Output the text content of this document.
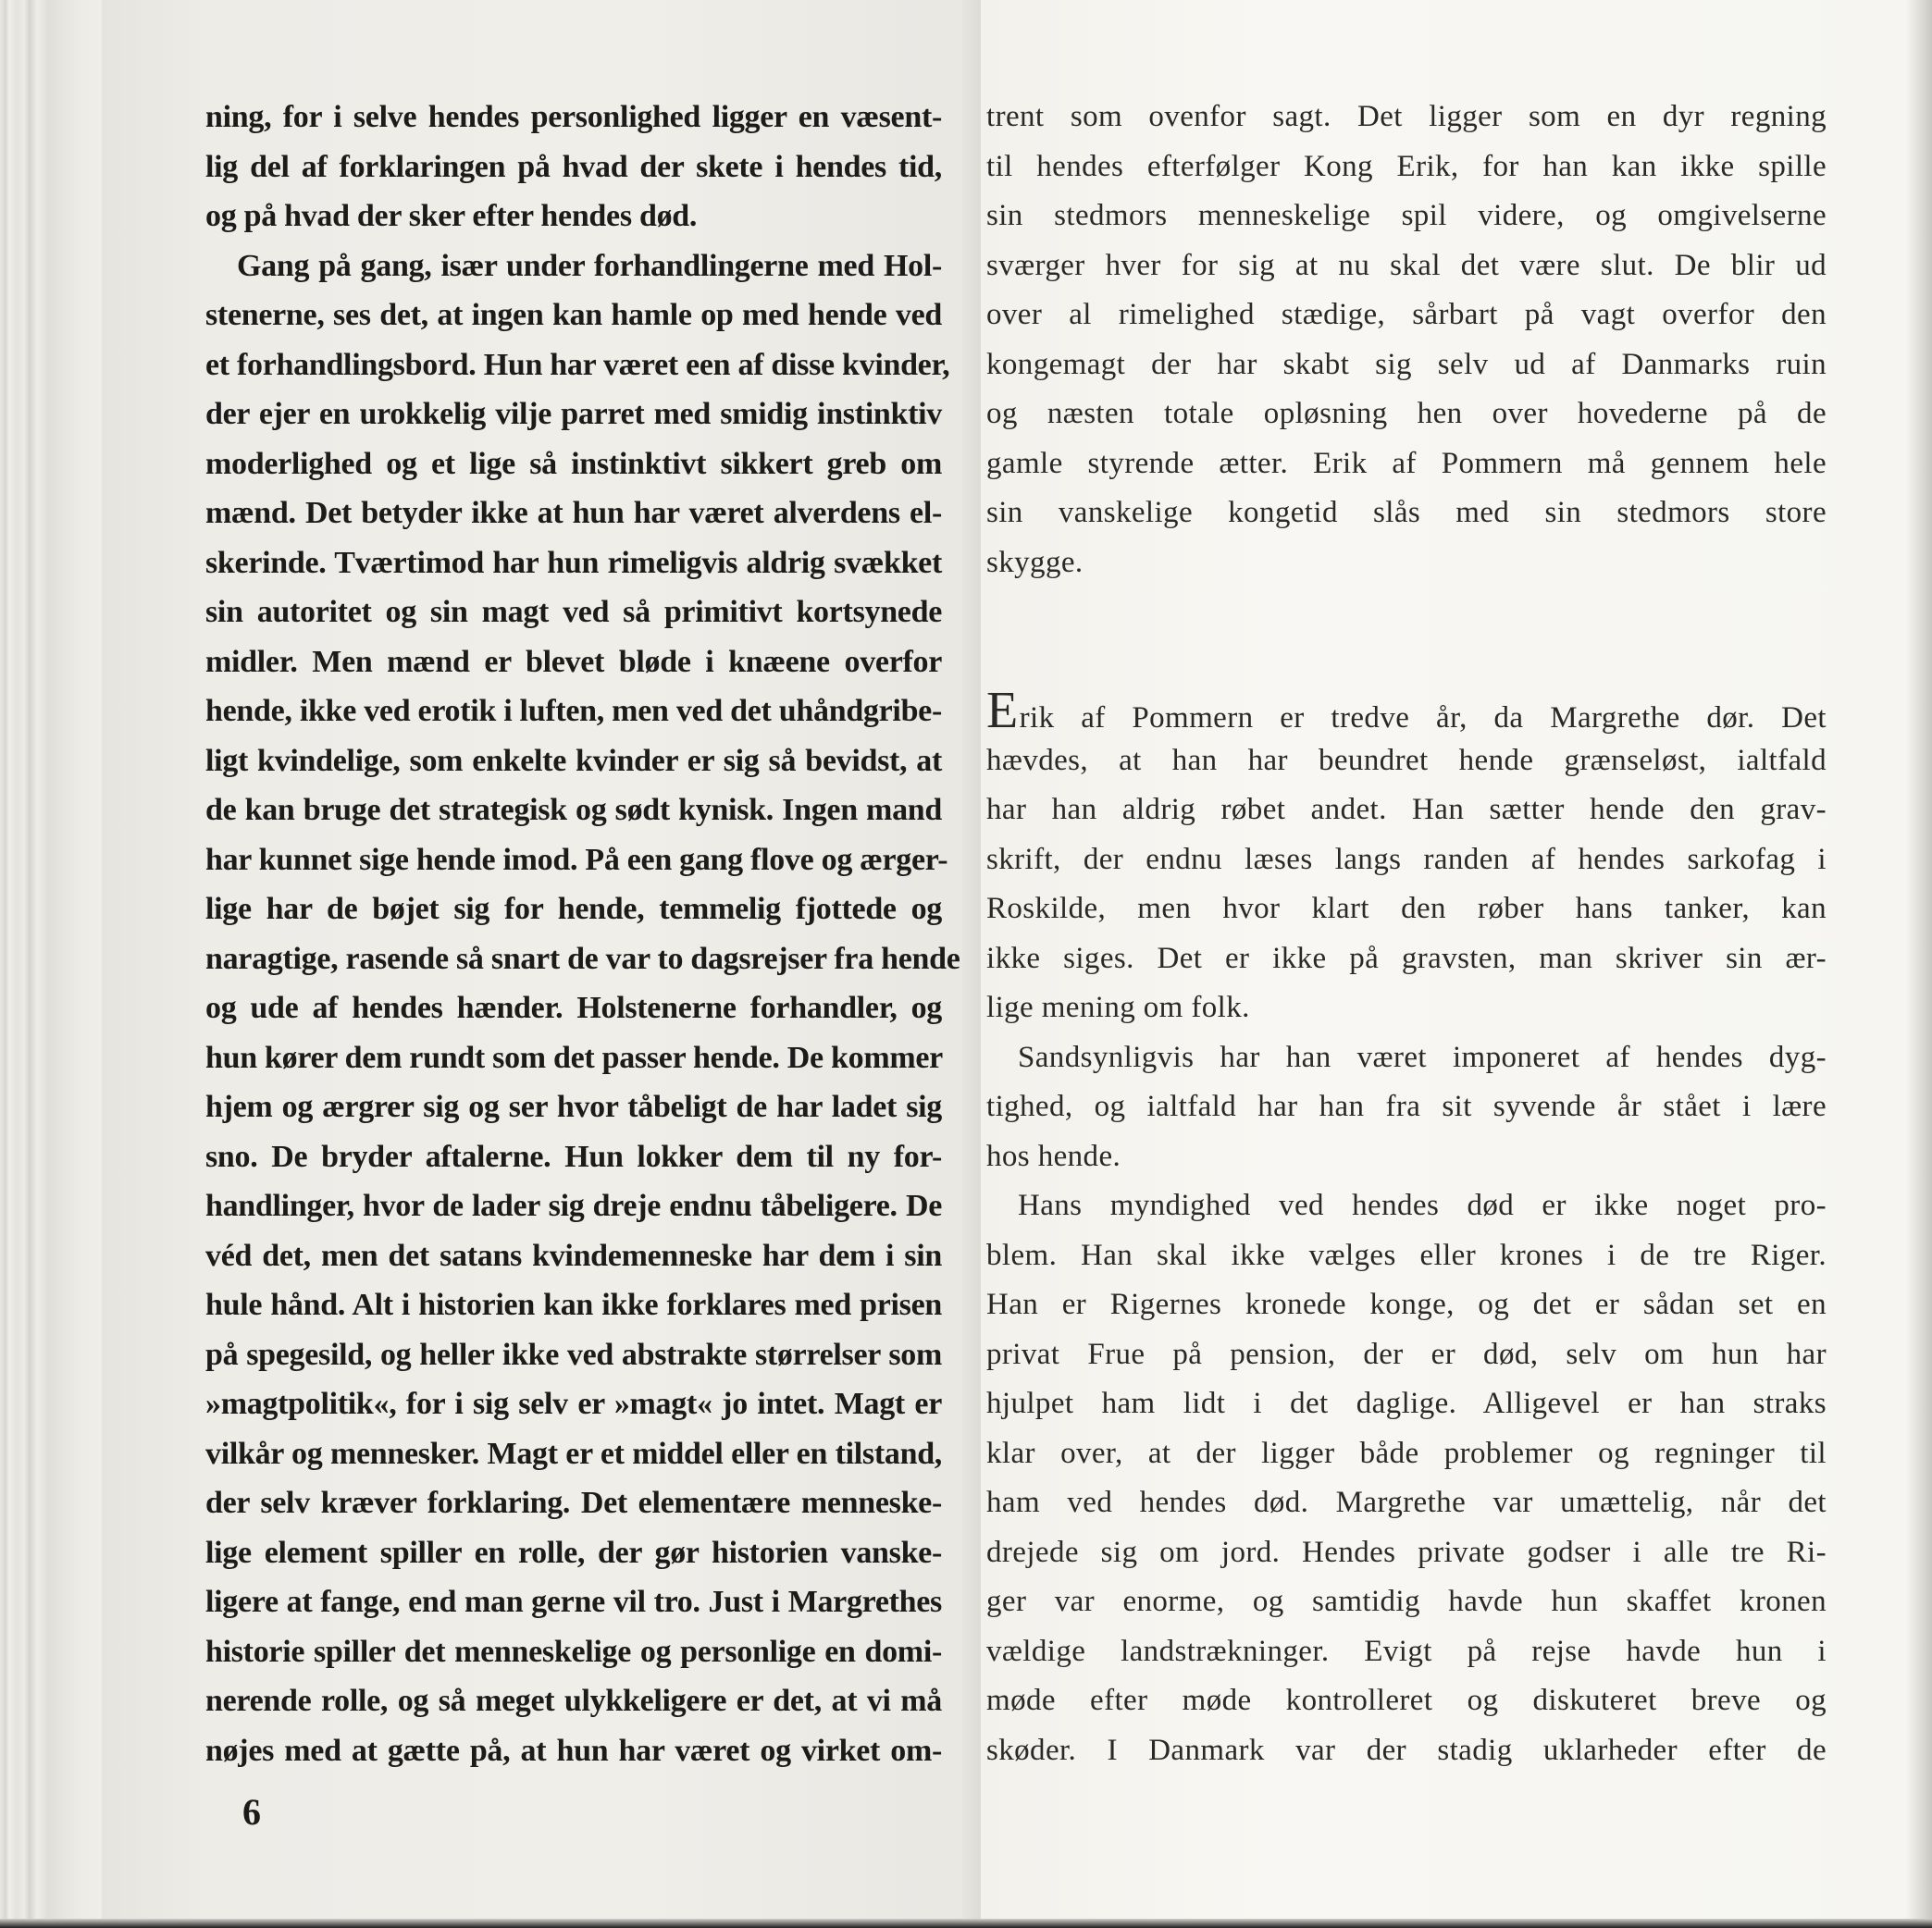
ning, for i selve hendes personlighed ligger en væsent-
lig del af forklaringen på hvad der skete i hendes tid,
og på hvad der sker efter hendes død.
Gang på gang, især under forhandlingerne med Hol-
stenerne, ses det, at ingen kan hamle op med hende ved
et forhandlingsbord. Hun har været een af disse kvinder,
der ejer en urokkelig vilje parret med smidig instinktiv
moderlighed og et lige så instinktivt sikkert greb om
mænd. Det betyder ikke at hun har været alverdens el-
skerinde. Tværtimod har hun rimeligvis aldrig svækket
sin autoritet og sin magt ved så primitivt kortsynede
midler. Men mænd er blevet bløde i knæene overfor
hende, ikke ved erotik i luften, men ved det uhåndgribe-
ligt kvindelige, som enkelte kvinder er sig så bevidst, at
de kan bruge det strategisk og sødt kynisk. Ingen mand
har kunnet sige hende imod. På een gang flove og ærger-
lige har de bøjet sig for hende, temmelig fjottede og
naragtige, rasende så snart de var to dagsrejser fra hende
og ude af hendes hænder. Holstenerne forhandler, og
hun kører dem rundt som det passer hende. De kommer
hjem og ærgrer sig og ser hvor tåbeligt de har ladet sig
sno. De bryder aftalerne. Hun lokker dem til ny for-
handlinger, hvor de lader sig dreje endnu tåbeligere. De
véd det, men det satans kvindemenneske har dem i sin
hule hånd. Alt i historien kan ikke forklares med prisen
på spegesild, og heller ikke ved abstrakte størrelser som
»magtpolitik«, for i sig selv er »magt« jo intet. Magt er
vilkår og mennesker. Magt er et middel eller en tilstand,
der selv kræver forklaring. Det elementære menneske-
lige element spiller en rolle, der gør historien vanske-
ligere at fange, end man gerne vil tro. Just i Margrethes
historie spiller det menneskelige og personlige en domi-
nerende rolle, og så meget ulykkeligere er det, at vi må
nøjes med at gætte på, at hun har været og virket om-
6
trent som ovenfor sagt. Det ligger som en dyr regning
til hendes efterfølger Kong Erik, for han kan ikke spille
sin stedmors menneskelige spil videre, og omgivelserne
sværger hver for sig at nu skal det være slut. De blir ud
over al rimelighed stædige, sårbart på vagt overfor den
kongemagt der har skabt sig selv ud af Danmarks ruin
og næsten totale opløsning hen over hovederne på de
gamle styrende ætter. Erik af Pommern må gennem hele
sin vanskelige kongetid slås med sin stedmors store
skygge.
Erik af Pommern er tredve år, da Margrethe dør. Det
hævdes, at han har beundret hende grænseløst, ialtfald
har han aldrig røbet andet. Han sætter hende den grav-
skrift, der endnu læses langs randen af hendes sarkofag i
Roskilde, men hvor klart den røber hans tanker, kan
ikke siges. Det er ikke på gravsten, man skriver sin ær-
lige mening om folk.
Sandsynligvis har han været imponeret af hendes dyg-
tighed, og ialtfald har han fra sit syvende år stået i lære
hos hende.
Hans myndighed ved hendes død er ikke noget pro-
blem. Han skal ikke vælges eller krones i de tre Riger.
Han er Rigernes kronede konge, og det er sådan set en
privat Frue på pension, der er død, selv om hun har
hjulpet ham lidt i det daglige. Alligevel er han straks
klar over, at der ligger både problemer og regninger til
ham ved hendes død. Margrethe var umættelig, når det
drejede sig om jord. Hendes private godser i alle tre Ri-
ger var enorme, og samtidig havde hun skaffet kronen
vældige landstrækninger. Evigt på rejse havde hun i
møde efter møde kontrolleret og diskuteret breve og
skøder. I Danmark var der stadig uklarheder efter de
